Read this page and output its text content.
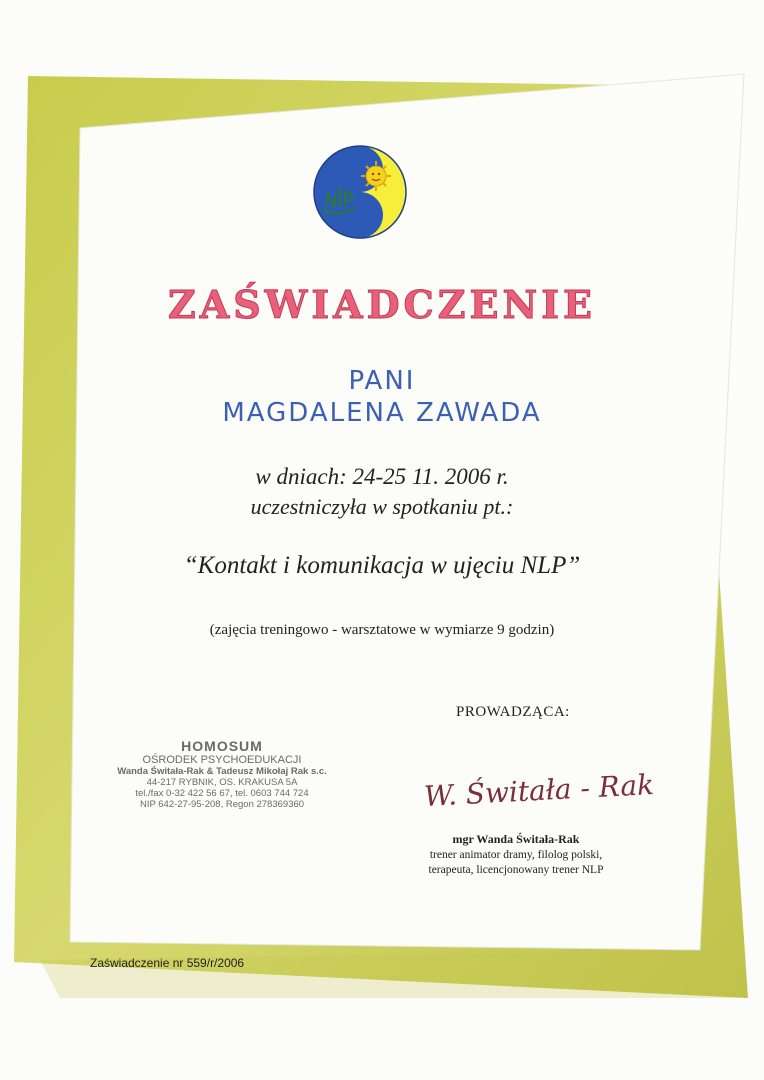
ZAŚWIADCZENIE
PANI
MAGDALENA ZAWADA
w dniach: 24-25 11. 2006 r.
uczestniczyła w spotkaniu pt.:
“Kontakt i komunikacja w ujęciu NLP”
(zajęcia treningowo - warsztatowe w wymiarze 9 godzin)
PROWADZĄCA:
W. Świtała - Rak
mgr Wanda Świtała-Rak
trener animator dramy, filolog polski,
terapeuta, licencjonowany trener NLP
HOMOSUM
OŚRODEK PSYCHOEDUKACJI
Wanda Świtała-Rak & Tadeusz Mikołaj Rak s.c.
44-217 RYBNIK, OS. KRAKUSA 5A
tel./fax 0-32 422 56 67, tel. 0603 744 724
NIP 642-27-95-208, Regon 278369360
Zaświadczenie nr 559/r/2006
